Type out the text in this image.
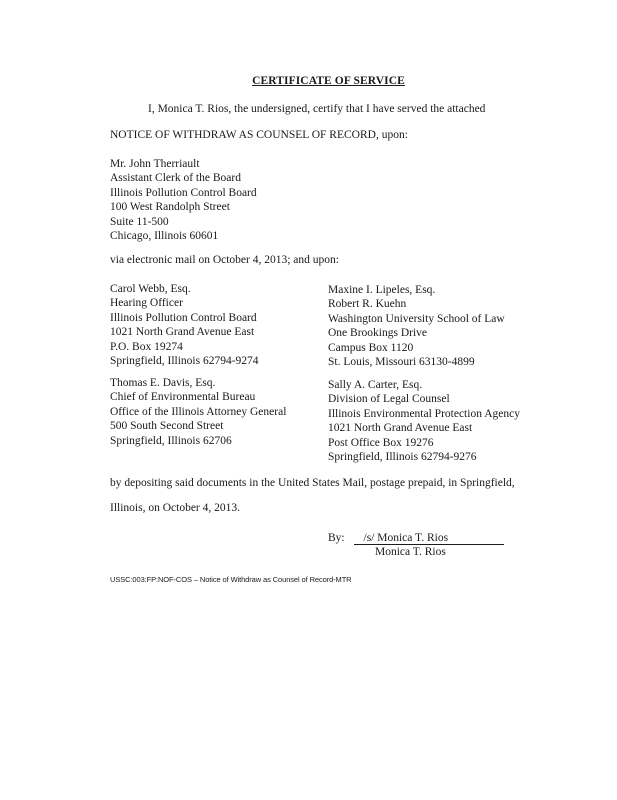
CERTIFICATE OF SERVICE
I, Monica T. Rios, the undersigned, certify that I have served the attached
NOTICE OF WITHDRAW AS COUNSEL OF RECORD, upon:
Mr. John Therriault
Assistant Clerk of the Board
Illinois Pollution Control Board
100 West Randolph Street
Suite 11-500
Chicago, Illinois 60601
via electronic mail on October 4, 2013; and upon:
Carol Webb, Esq.
Hearing Officer
Illinois Pollution Control Board
1021 North Grand Avenue East
P.O. Box 19274
Springfield, Illinois 62794-9274
Maxine I. Lipeles, Esq.
Robert R. Kuehn
Washington University School of Law
One Brookings Drive
Campus Box 1120
St. Louis, Missouri 63130-4899
Thomas E. Davis, Esq.
Chief of Environmental Bureau
Office of the Illinois Attorney General
500 South Second Street
Springfield, Illinois 62706
Sally A. Carter, Esq.
Division of Legal Counsel
Illinois Environmental Protection Agency
1021 North Grand Avenue East
Post Office Box 19276
Springfield, Illinois 62794-9276
by depositing said documents in the United States Mail, postage prepaid, in Springfield,
Illinois, on October 4, 2013.
By: /s/ Monica T. Rios
Monica T. Rios
USSC:003:FP:NOF-COS – Notice of Withdraw as Counsel of Record-MTR
